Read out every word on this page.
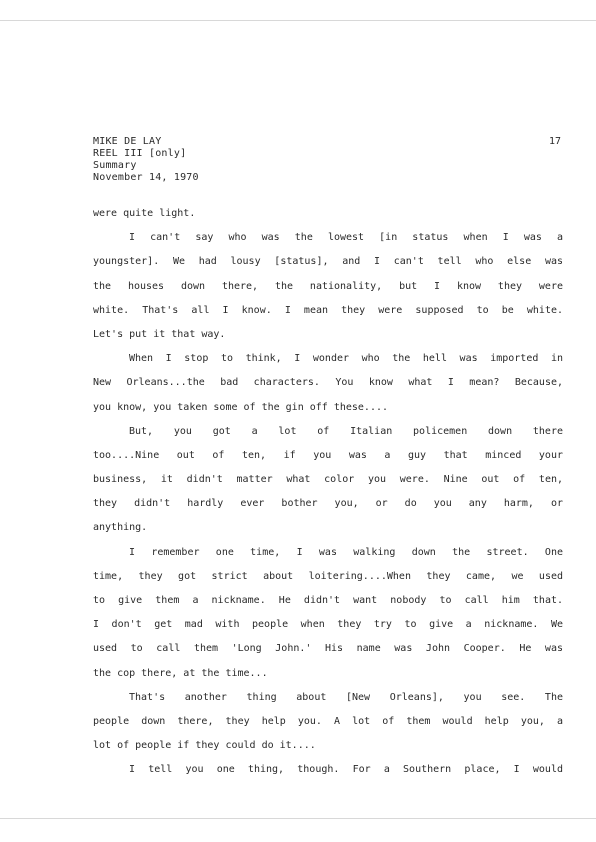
MIKE DE LAY
REEL III [only]
Summary
November 14, 1970
17
were quite light.
I can't say who was the lowest [in status when I was a
youngster]. We had lousy [status], and I can't tell who else was
the houses down there, the nationality, but I know they were
white. That's all I know. I mean they were supposed to be white.
Let's put it that way.
When I stop to think, I wonder who the hell was imported in
New Orleans...the bad characters. You know what I mean? Because,
you know, you taken some of the gin off these....
But, you got a lot of Italian policemen down there
too....Nine out of ten, if you was a guy that minced your
business, it didn't matter what color you were. Nine out of ten,
they didn't hardly ever bother you, or do you any harm, or
anything.
I remember one time, I was walking down the street. One
time, they got strict about loitering....When they came, we used
to give them a nickname. He didn't want nobody to call him that.
I don't get mad with people when they try to give a nickname. We
used to call them 'Long John.' His name was John Cooper. He was
the cop there, at the time...
That's another thing about [New Orleans], you see. The
people down there, they help you. A lot of them would help you, a
lot of people if they could do it....
I tell you one thing, though. For a Southern place, I would
